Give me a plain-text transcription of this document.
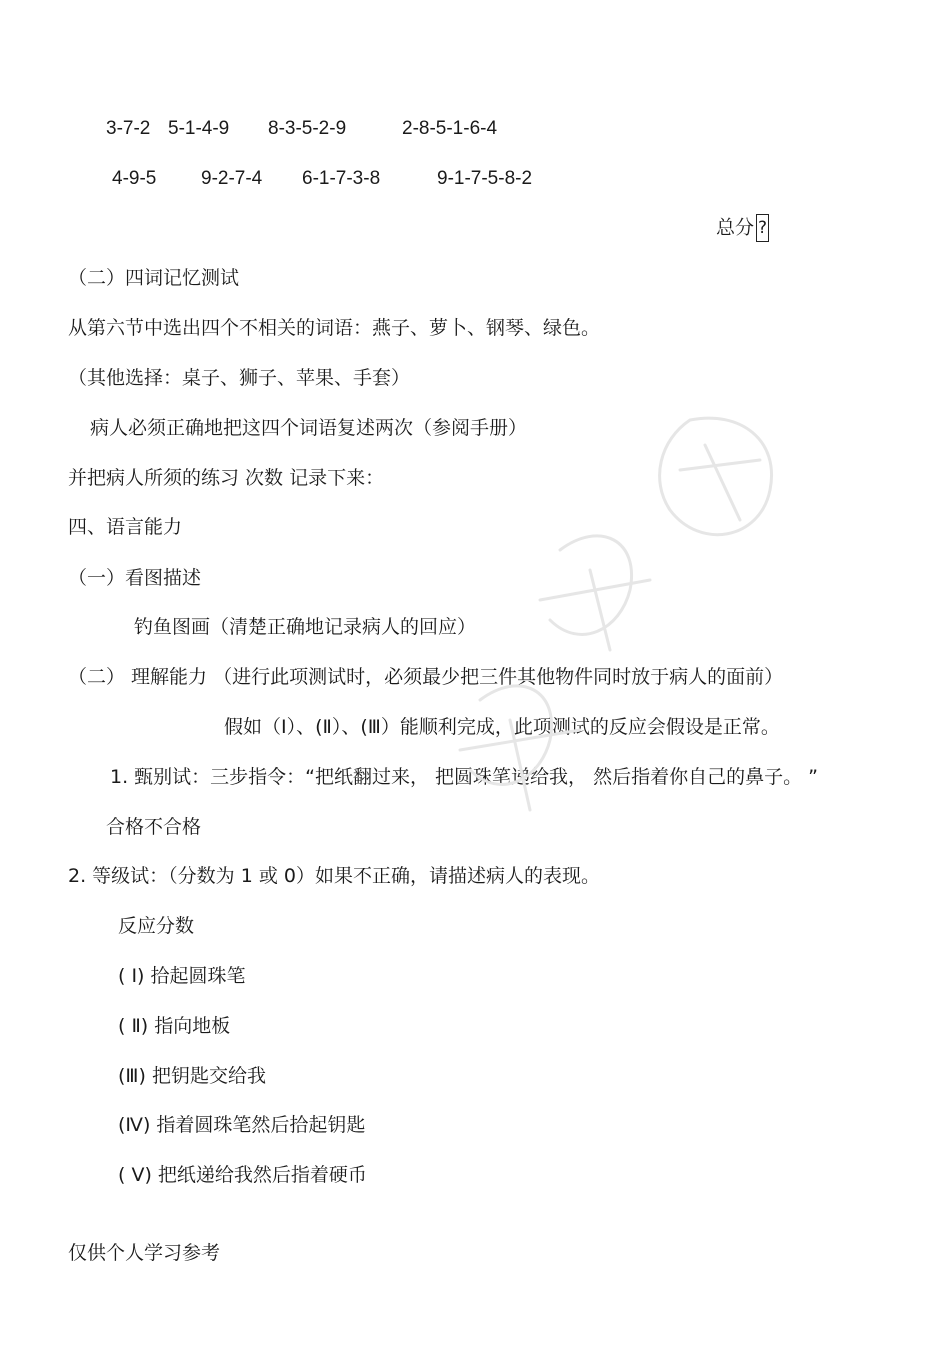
3-7-2 5-1-4-9 8-3-5-2-9	2-8-5-1-6-4
4-9-5 9-2-7-4 6-1-7-3-8	9-1-7-5-8-2
总分 ?
（二）四词记忆测试
从第六节中选出四个不相关的词语：燕子、萝卜、钢琴、绿色。
（其他选择：桌子、狮子、苹果、手套）
病人必须正确地把这四个词语复述两次（参阅手册）
并把病人所须的练习 次数 记录下来：
四、语言能力
（一）看图描述
钓鱼图画（清楚正确地记录病人的回应）
（二） 理解能力 （进行此项测试时，必须最少把三件其他物件同时放于病人的面前）
假如（I）、(Ⅱ）、(Ⅲ）能顺利完成，此项测试的反应会假设是正常。
1. 甄别试：三步指令：“把纸翻过来， 把圆珠笔递给我， 然后指着你自己的鼻子。 ”
合格不合格
2. 等级试：（分数为 1 或 0）如果不正确，请描述病人的表现。
反应分数
( Ⅰ) 拾起圆珠笔
( Ⅱ) 指向地板
(Ⅲ) 把钥匙交给我
(Ⅳ) 指着圆珠笔然后拾起钥匙
( Ⅴ) 把纸递给我然后指着硬币
仅供个人学习参考
